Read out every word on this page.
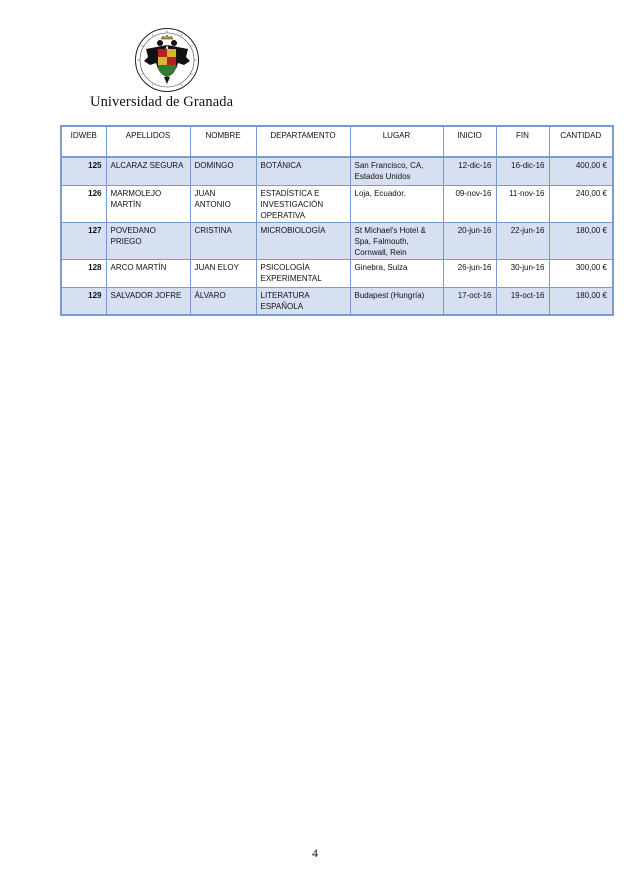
Universidad de Granada
IDWEB	APELLIDOS	NOMBRE	DEPARTAMENTO	LUGAR	INICIO	FIN	CANTIDAD
125	ALCARAZ SEGURA	DOMINGO	BOTÁNICA	San Francisco, CA, Estados Unidos	12-dic-16	16-dic-16	400,00 €
126	MARMOLEJO MARTÍN	JUAN ANTONIO	ESTADÍSTICA E INVESTIGACIÓN OPERATIVA	Loja, Ecuador.	09-nov-16	11-nov-16	240,00 €
127	POVEDANO PRIEGO	CRISTINA	MICROBIOLOGÍA	St Michael's Hotel & Spa, Falmouth, Cornwall, Rein	20-jun-16	22-jun-16	180,00 €
128	ARCO MARTÍN	JUAN ELOY	PSICOLOGÍA EXPERIMENTAL	Ginebra, Suiza	26-jun-16	30-jun-16	300,00 €
129	SALVADOR JOFRE	ÁLVARO	LITERATURA ESPAÑOLA	Budapest (Hungría)	17-oct-16	19-oct-16	180,00 €
4
